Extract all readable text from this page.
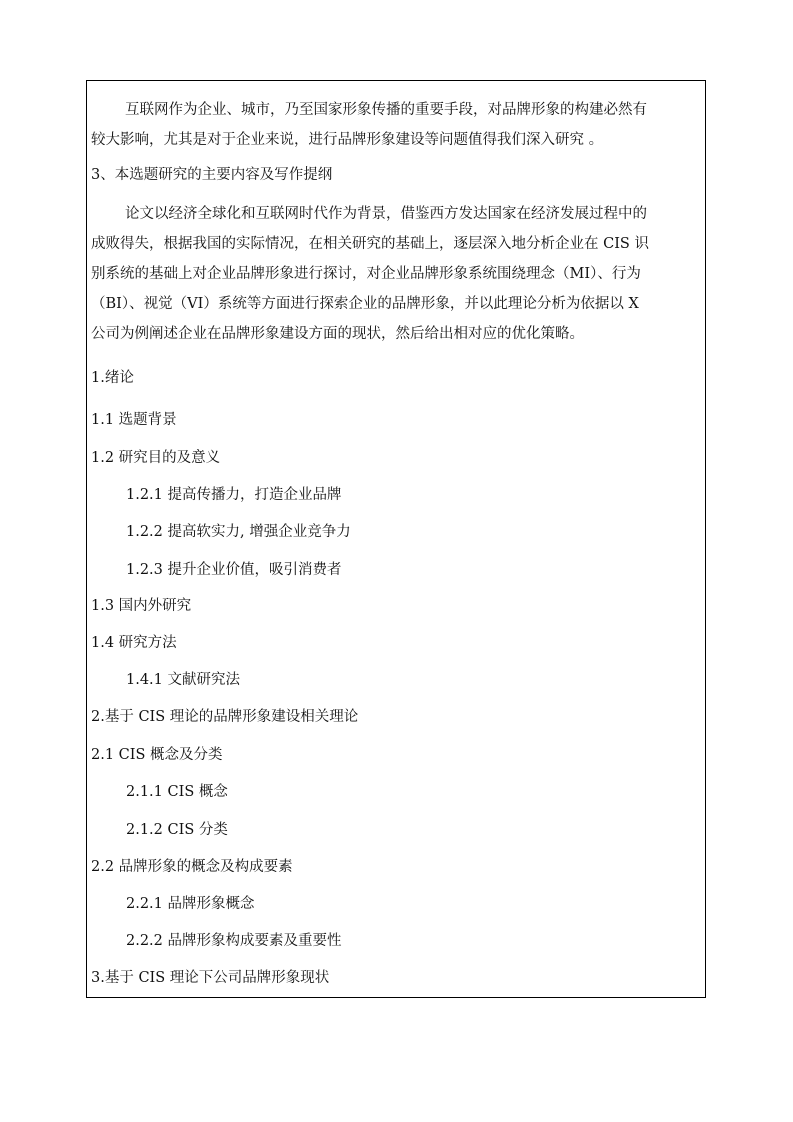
互联网作为企业、城市，乃至国家形象传播的重要手段，对品牌形象的构建必然有
较大影响，尤其是对于企业来说，进行品牌形象建设等问题值得我们深入研究 。
3、本选题研究的主要内容及写作提纲
论文以经济全球化和互联网时代作为背景，借鉴西方发达国家在经济发展过程中的
成败得失，根据我国的实际情况，在相关研究的基础上，逐层深入地分析企业在 CIS 识
别系统的基础上对企业品牌形象进行探讨，对企业品牌形象系统围绕理念（MI）、行为
（BI）、视觉（VI）系统等方面进行探索企业的品牌形象，并以此理论分析为依据以 X
公司为例阐述企业在品牌形象建设方面的现状，然后给出相对应的优化策略。
1.绪论
1.1 选题背景
1.2 研究目的及意义
1.2.1 提高传播力，打造企业品牌
1.2.2 提高软实力, 增强企业竞争力
1.2.3 提升企业价值，吸引消费者
1.3 国内外研究
1.4 研究方法
1.4.1 文献研究法
2.基于 CIS 理论的品牌形象建设相关理论
2.1 CIS 概念及分类
2.1.1 CIS 概念
2.1.2 CIS 分类
2.2 品牌形象的概念及构成要素
2.2.1 品牌形象概念
2.2.2 品牌形象构成要素及重要性
3.基于 CIS 理论下公司品牌形象现状
